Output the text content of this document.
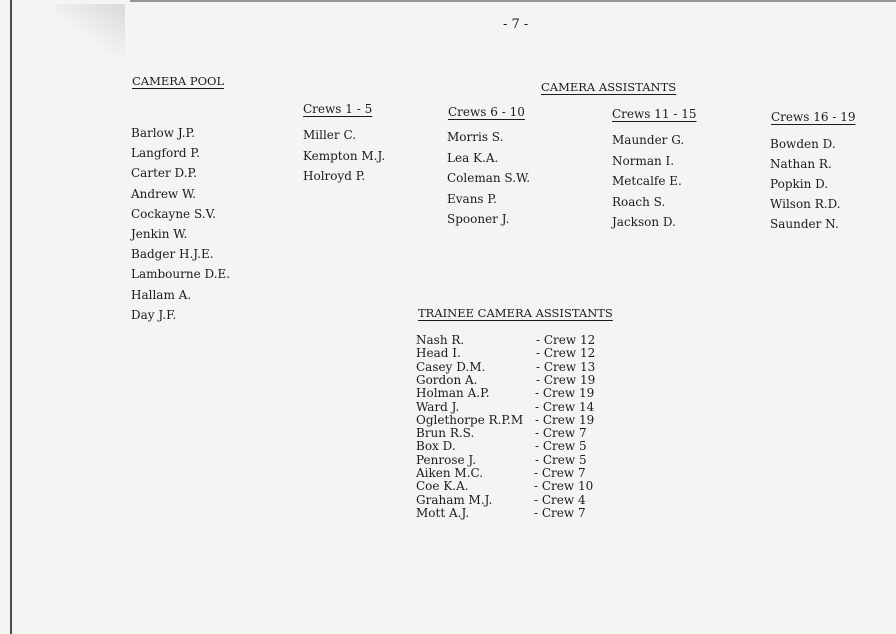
- 7 -
CAMERA POOL
Barlow J.P.
Langford P.
Carter D.P.
Andrew W.
Cockayne S.V.
Jenkin W.
Badger H.J.E.
Lambourne D.E.
Hallam A.
Day J.F.
CAMERA ASSISTANTS
Crews 1 - 5
Miller C.
Kempton M.J.
Holroyd P.
Crews 6 - 10
Morris S.
Lea K.A.
Coleman S.W.
Evans P.
Spooner J.
Crews 11 - 15
Maunder G.
Norman I.
Metcalfe E.
Roach S.
Jackson D.
Crews 16 - 19
Bowden D.
Nathan R.
Popkin D.
Wilson R.D.
Saunder N.
TRAINEE CAMERA ASSISTANTS
Nash R.	- Crew 12
Head I.	- Crew 12
Casey D.M.	- Crew 13
Gordon A.	- Crew 19
Holman A.P.	- Crew 19
Ward J.	- Crew 14
Oglethorpe R.P.M - Crew 19
Brun R.S.	- Crew 7
Box D.	- Crew 5
Penrose J.	- Crew 5
Aiken M.C.	- Crew 7
Coe K.A.	- Crew 10
Graham M.J.	- Crew 4
Mott A.J.	- Crew 7
